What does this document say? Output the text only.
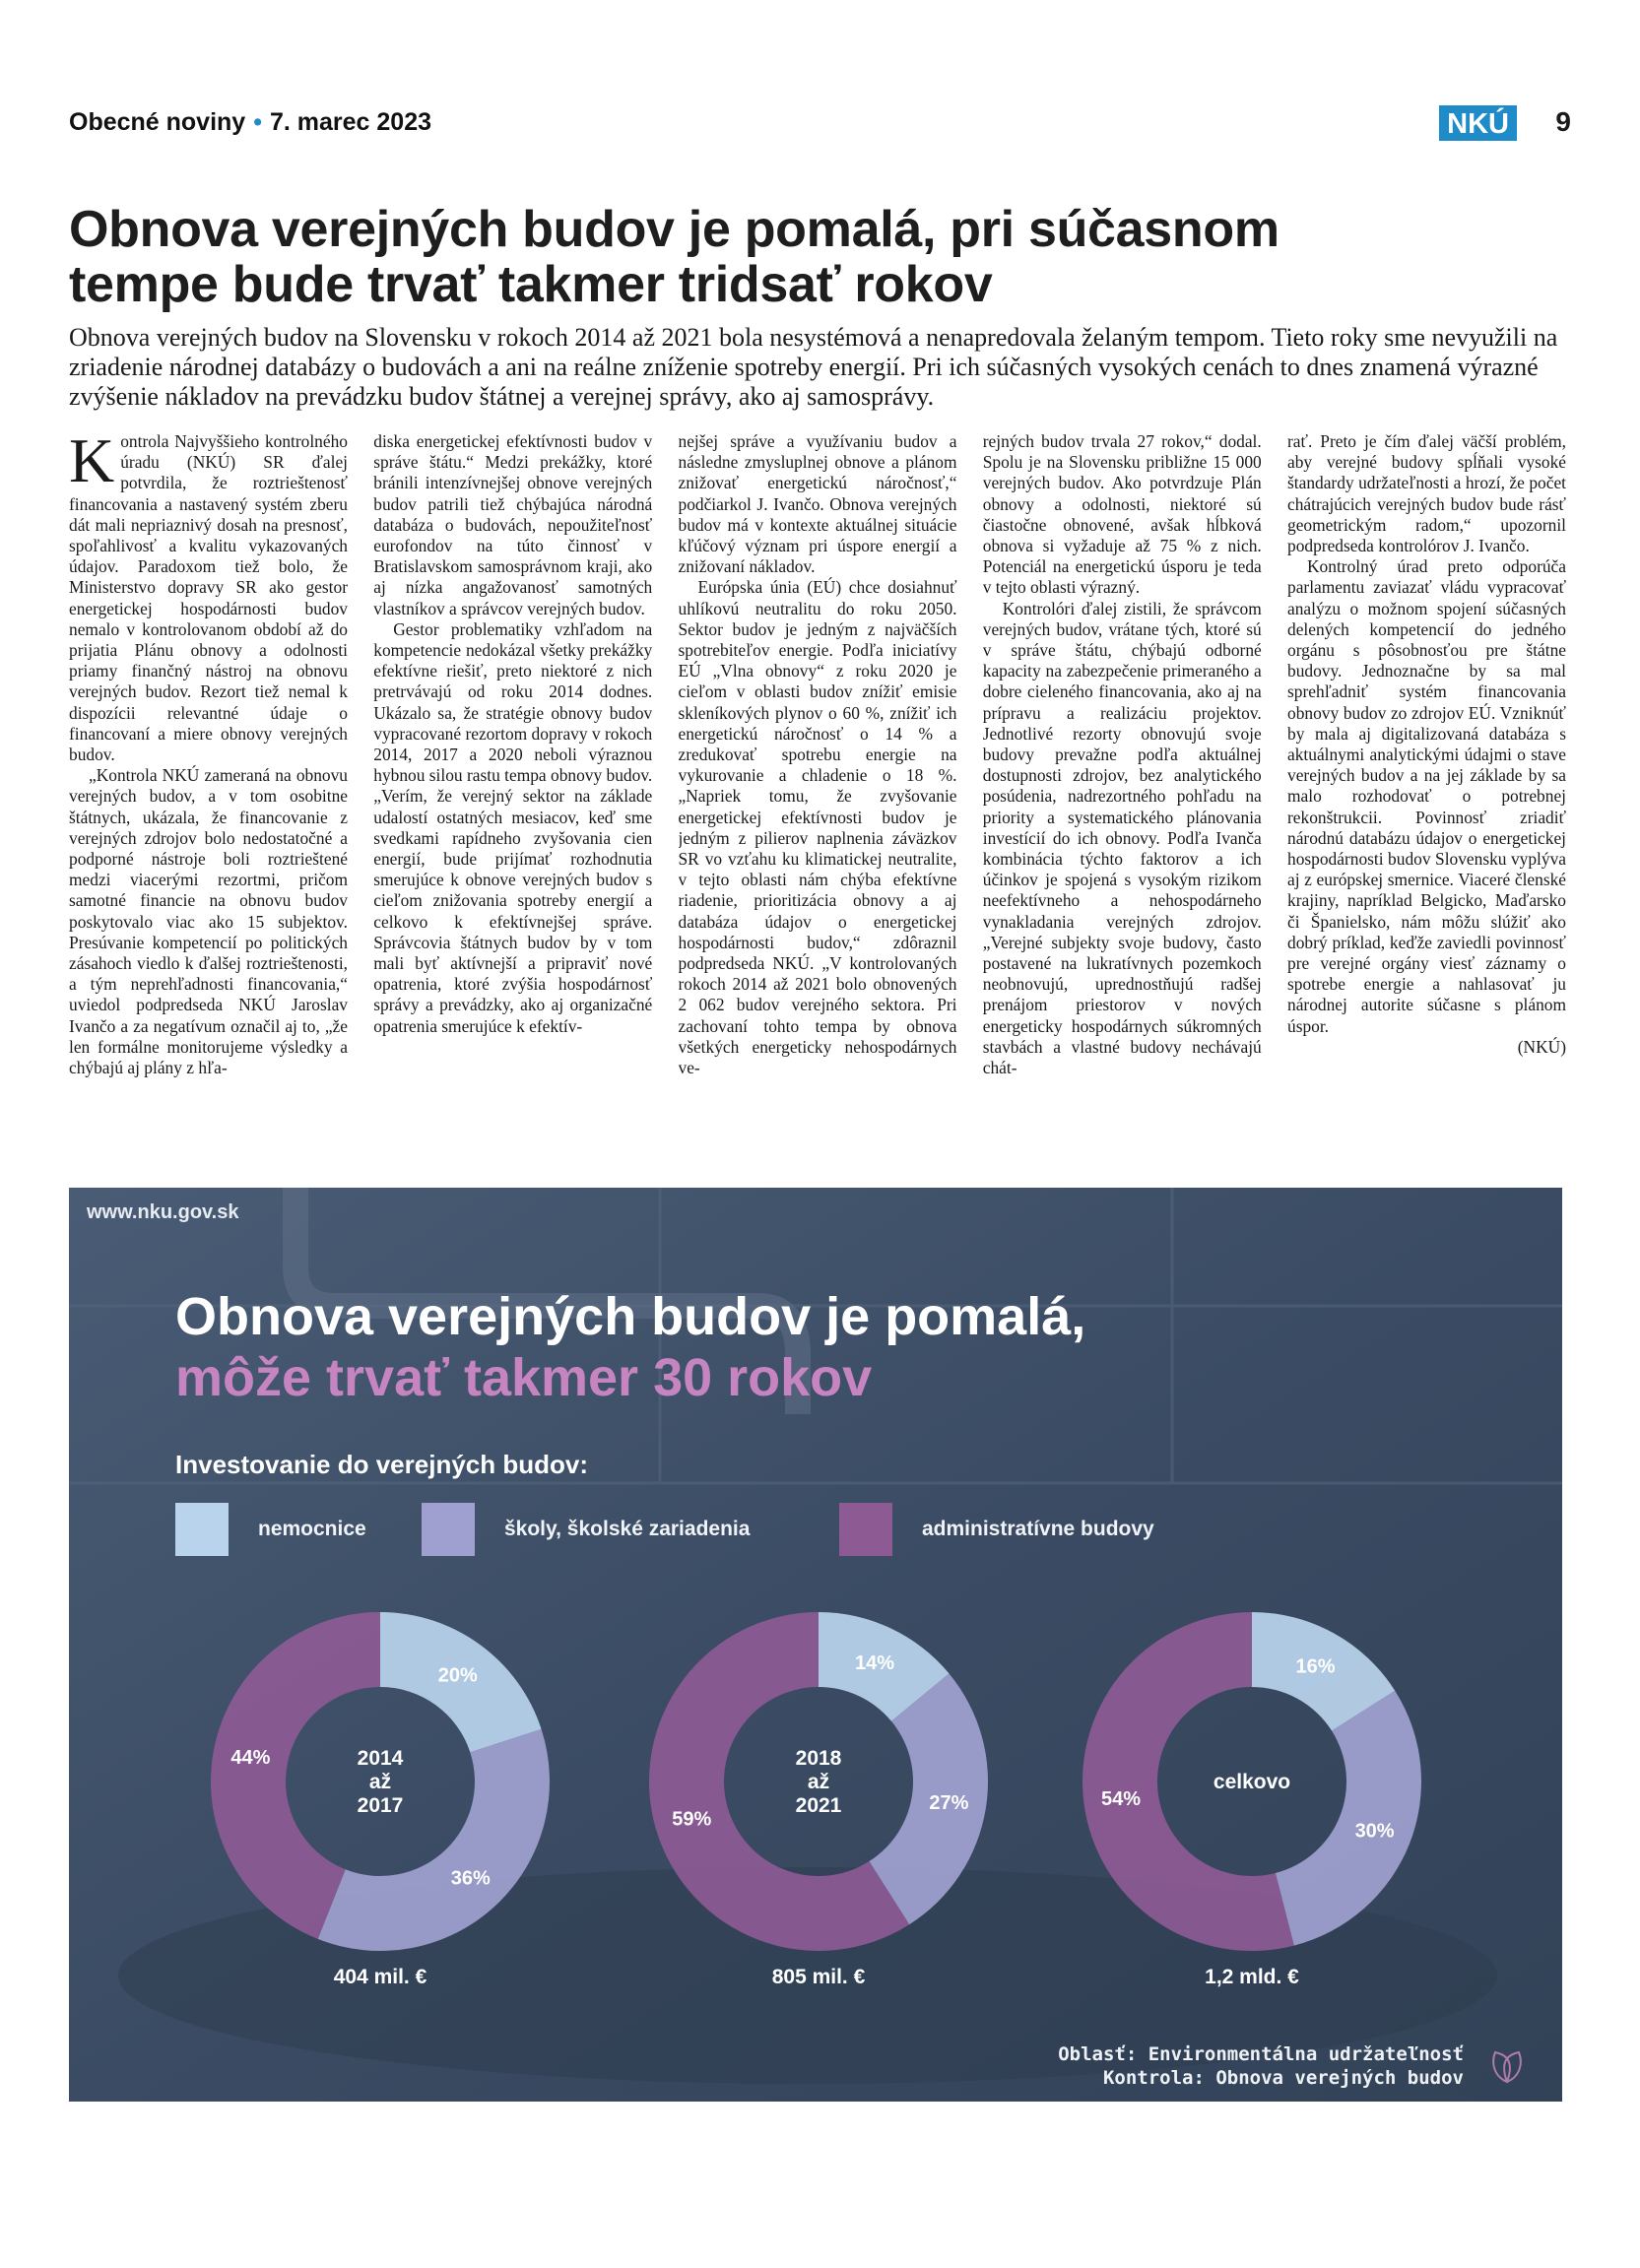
Obecné noviny • 7. marec 2023	NKÚ 9
Obnova verejných budov je pomalá, pri súčasnom
tempe bude trvať takmer tridsať rokov

Obnova verejných budov na Slovensku v rokoch 2014 až 2021 bola nesystémová a nenapredovala želaným tempom. Tieto roky sme nevyužili na zriadenie národnej databázy o budovách a ani na reálne zníženie spotreby energií. Pri ich súčasných vysokých cenách to dnes znamená výrazné zvýšenie nákladov na prevádzku budov štátnej a verejnej správy, ako aj samosprávy.

Kontrola Najvyššieho kontrolného úradu (NKÚ) SR ďalej potvrdila, že roztrieštenosť financovania a nastavený systém zberu dát mali nepriaznivý dosah na presnosť, spoľahlivosť a kvalitu vykazovaných údajov. Paradoxom tiež bolo, že Ministerstvo dopravy SR ako gestor energetickej hospodárnosti budov nemalo v kontrolovanom období až do prijatia Plánu obnovy a odolnosti priamy finančný nástroj na obnovu verejných budov. Rezort tiež nemal k dispozícii relevantné údaje o financovaní a miere obnovy verejných budov.

„Kontrola NKÚ zameraná na obnovu verejných budov, a v tom osobitne štátnych, ukázala, že financovanie z verejných zdrojov bolo nedostatočné a podporné nástroje boli roztrieštené medzi viacerými rezortmi, pričom samotné financie na obnovu budov poskytovalo viac ako 15 subjektov. Presúvanie kompetencií po politických zásahoch viedlo k ďalšej roztrieštenosti, a tým neprehľadnosti financovania,“ uviedol podpredseda NKÚ Jaroslav Ivančo a za negatívum označil aj to, „že len formálne monitorujeme výsledky a chýbajú aj plány z hľa-

diska energetickej efektívnosti budov v správe štátu.“ Medzi prekážky, ktoré bránili intenzívnejšej obnove verejných budov patrili tiež chýbajúca národná databáza o budovách, nepoužiteľnosť eurofondov na túto činnosť v Bratislavskom samosprávnom kraji, ako aj nízka angažovanosť samotných vlastníkov a správcov verejných budov.

Gestor problematiky vzhľadom na kompetencie nedokázal všetky prekážky efektívne riešiť, preto niektoré z nich pretrvávajú od roku 2014 dodnes. Ukázalo sa, že stratégie obnovy budov vypracované rezortom dopravy v rokoch 2014, 2017 a 2020 neboli výraznou hybnou silou rastu tempa obnovy budov. „Verím, že verejný sektor na základe udalostí ostatných mesiacov, keď sme svedkami rapídneho zvyšovania cien energií, bude prijímať rozhodnutia smerujúce k obnove verejných budov s cieľom znižovania spotreby energií a celkovo k efektívnejšej správe. Správcovia štátnych budov by v tom mali byť aktívnejší a pripraviť nové opatrenia, ktoré zvýšia hospodárnosť správy a prevádzky, ako aj organizačné opatrenia smerujúce k efektív-

nejšej správe a využívaniu budov a následne zmysluplnej obnove a plánom znižovať energetickú náročnosť,“ podčiarkol J. Ivančo. Obnova verejných budov má v kontexte aktuálnej situácie kľúčový význam pri úspore energií a znižovaní nákladov.

Európska únia (EÚ) chce dosiahnuť uhlíkovú neutralitu do roku 2050. Sektor budov je jedným z najväčších spotrebiteľov energie. Podľa iniciatívy EÚ „Vlna obnovy“ z roku 2020 je cieľom v oblasti budov znížiť emisie skleníkových plynov o 60 %, znížiť ich energetickú náročnosť o 14 % a zredukovať spotrebu energie na vykurovanie a chladenie o 18 %. „Napriek tomu, že zvyšovanie energetickej efektívnosti budov je jedným z pilierov naplnenia záväzkov SR vo vzťahu ku klimatickej neutralite, v tejto oblasti nám chýba efektívne riadenie, prioritizácia obnovy a aj databáza údajov o energetickej hospodárnosti budov,“ zdôraznil podpredseda NKÚ. „V kontrolovaných rokoch 2014 až 2021 bolo obnovených 2 062 budov verejného sektora. Pri zachovaní tohto tempa by obnova všetkých energeticky nehospodárnych ve-

rejných budov trvala 27 rokov,“ dodal. Spolu je na Slovensku približne 15 000 verejných budov. Ako potvrdzuje Plán obnovy a odolnosti, niektoré sú čiastočne obnovené, avšak hĺbková obnova si vyžaduje až 75 % z nich. Potenciál na energetickú úsporu je teda v tejto oblasti výrazný.

Kontrolóri ďalej zistili, že správcom verejných budov, vrátane tých, ktoré sú v správe štátu, chýbajú odborné kapacity na zabezpečenie primeraného a dobre cieleného financovania, ako aj na prípravu a realizáciu projektov. Jednotlivé rezorty obnovujú svoje budovy prevažne podľa aktuálnej dostupnosti zdrojov, bez analytického posúdenia, nadrezortného pohľadu na priority a systematického plánovania investícií do ich obnovy. Podľa Ivanča kombinácia týchto faktorov a ich účinkov je spojená s vysokým rizikom neefektívneho a nehospodárneho vynakladania verejných zdrojov. „Verejné subjekty svoje budovy, často postavené na lukratívnych pozemkoch neobnovujú, uprednostňujú radšej prenájom priestorov v nových energeticky hospodárnych súkromných stavbách a vlastné budovy nechávajú chát-

rať. Preto je čím ďalej väčší problém, aby verejné budovy spĺňali vysoké štandardy udržateľnosti a hrozí, že počet chátrajúcich verejných budov bude rásť geometrickým radom,“ upozornil podpredseda kontrolórov J. Ivančo.

Kontrolný úrad preto odporúča parlamentu zaviazať vládu vypracovať analýzu o možnom spojení súčasných delených kompetencií do jedného orgánu s pôsobnosťou pre štátne budovy. Jednoznačne by sa mal sprehľadniť systém financovania obnovy budov zo zdrojov EÚ. Vzniknúť by mala aj digitalizovaná databáza s aktuálnymi analytickými údajmi o stave verejných budov a na jej základe by sa malo rozhodovať o potrebnej rekonštrukcii. Povinnosť zriadiť národnú databázu údajov o energetickej hospodárnosti budov Slovensku vyplýva aj z európskej smernice. Viaceré členské krajiny, napríklad Belgicko, Maďarsko či Španielsko, nám môžu slúžiť ako dobrý príklad, keďže zaviedli povinnosť pre verejné orgány viesť záznamy o spotrebe energie a nahlasovať ju národnej autorite súčasne s plánom úspor.

(NKÚ)

www.nku.gov.sk
Obnova verejných budov je pomalá,
môže trvať takmer 30 rokov
Investovanie do verejných budov:
nemocnice	školy, školské zariadenia	administratívne budovy
20%
36%
44%	2014
až
2017
14%
27%
59%
2018
až
2021
16%
30%
54%
celkovo
404 mil. €	805 mil. €	1,2 mld. €
Oblasť: Environmentálna udržateľnosť
Kontrola: Obnova verejných budov
